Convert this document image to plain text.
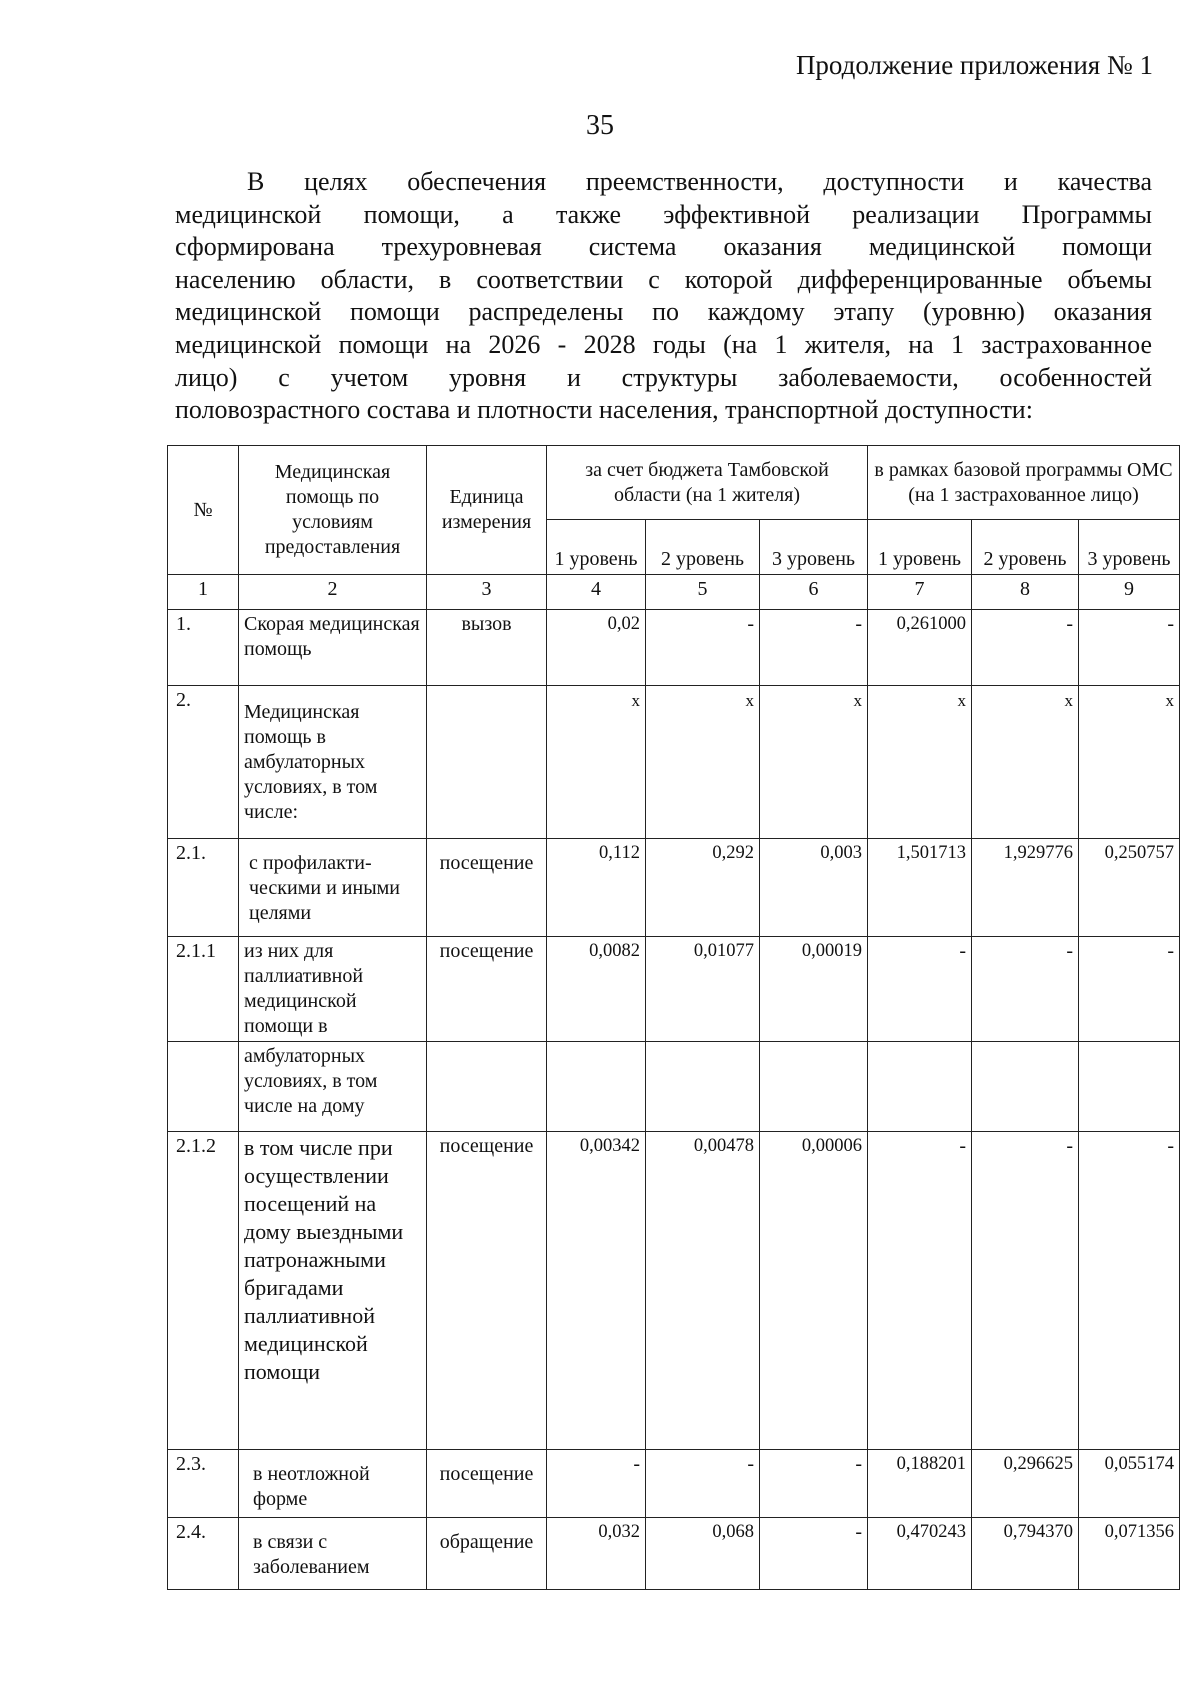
Продолжение приложения № 1
35
В целях обеспечения преемственности, доступности и качества
медицинской помощи, а также эффективной реализации Программы
сформирована трехуровневая система оказания медицинской помощи
населению области, в соответствии с которой дифференцированные объемы
медицинской помощи распределены по каждому этапу (уровню) оказания
медицинской помощи на 2026 - 2028 годы (на 1 жителя, на 1 застрахованное
лицо) с учетом уровня и структуры заболеваемости, особенностей
половозрастного состава и плотности населения, транспортной доступности:
№	Медицинская помощь по условиям предоставления	Единица измерения	за счет бюджета Тамбовской области (на 1 жителя)			в рамках базовой программы ОМС (на 1 застрахованное лицо)		
			1 уровень	2 уровень	3 уровень	1 уровень	2 уровень	3 уровень
1	2	3	4	5	6	7	8	9
1.	Скорая медицинская помощь	вызов	0,02	-	-	0,261000	-	-
2.	Медицинская помощь в амбулаторных условиях, в том числе:		x	x	x	x	x	x
2.1.	с профилакти-ческими и иными целями	посещение	0,112	0,292	0,003	1,501713	1,929776	0,250757
2.1.1	из них для паллиативной медицинской помощи в	посещение	0,0082	0,01077	0,00019	-	-	-
	амбулаторных условиях, в том числе на дому							
2.1.2	в том числе при осуществлении посещений на дому выездными патронажными бригадами паллиативной медицинской помощи	посещение	0,00342	0,00478	0,00006	-	-	-
2.3.	в неотложной форме	посещение	-	-	-	0,188201	0,296625	0,055174
2.4.	в связи с заболеванием	обращение	0,032	0,068	-	0,470243	0,794370	0,071356
